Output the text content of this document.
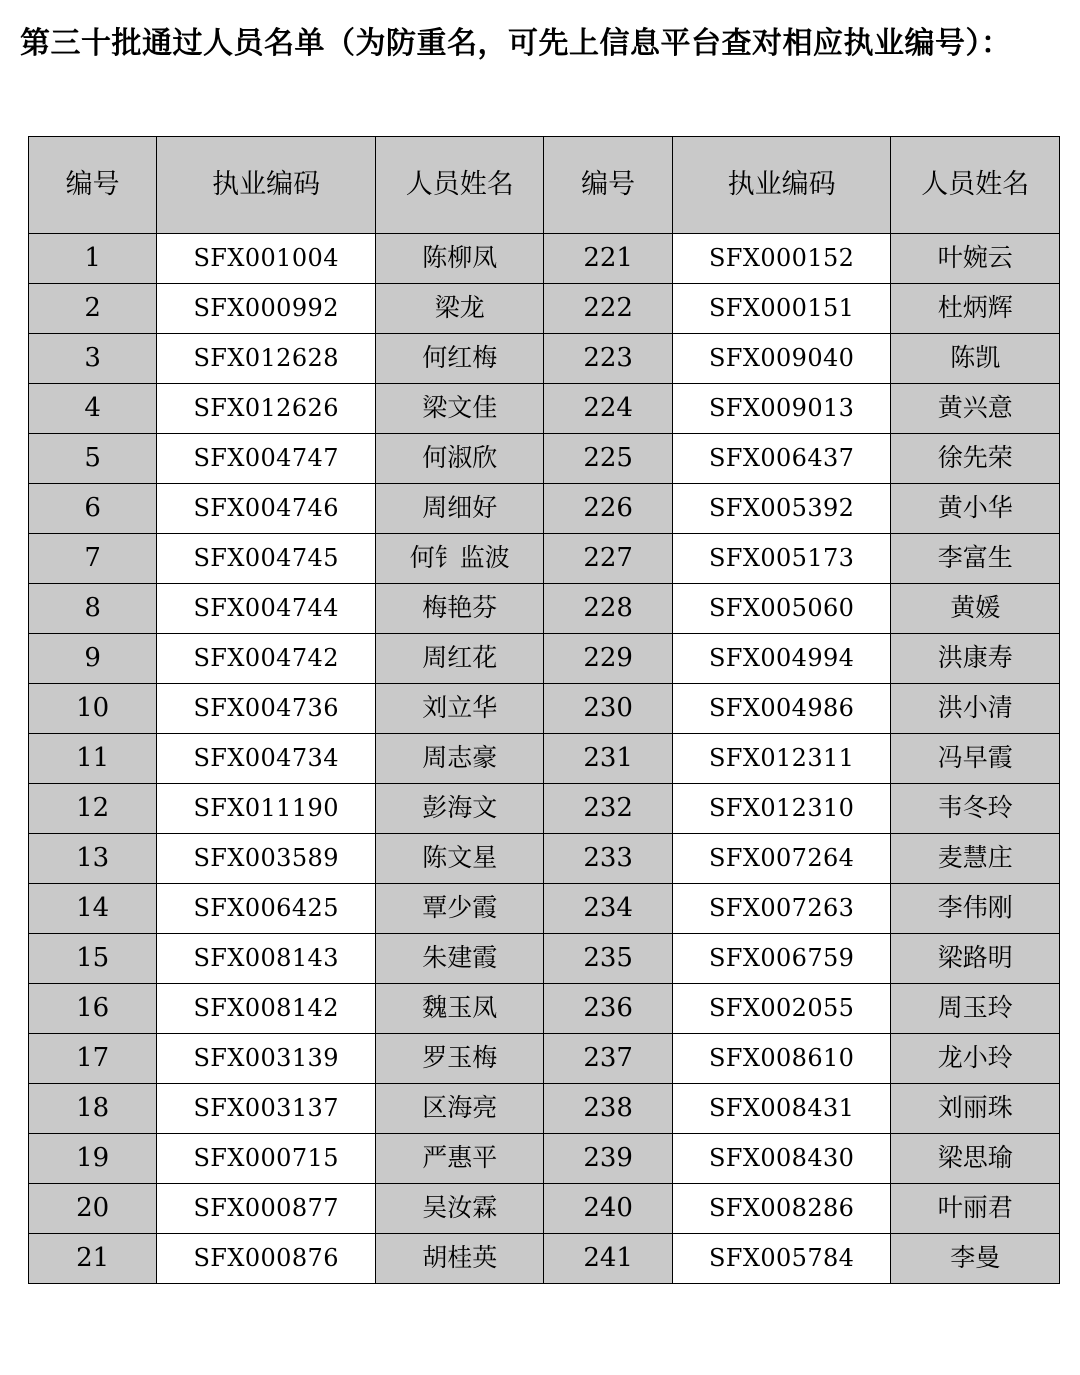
第三十批通过人员名单（为防重名，可先上信息平台查对相应执业编号）：
编号	执业编码	人员姓名	编号	执业编码	人员姓名
1	SFX001004	陈柳凤	221	SFX000152	叶婉云
2	SFX000992	梁龙	222	SFX000151	杜炳辉
3	SFX012628	何红梅	223	SFX009040	陈凯
4	SFX012626	梁文佳	224	SFX009013	黄兴意
5	SFX004747	何淑欣	225	SFX006437	徐先荣
6	SFX004746	周细好	226	SFX005392	黄小华
7	SFX004745	何钅监波	227	SFX005173	李富生
8	SFX004744	梅艳芬	228	SFX005060	黄媛
9	SFX004742	周红花	229	SFX004994	洪康寿
10	SFX004736	刘立华	230	SFX004986	洪小清
11	SFX004734	周志豪	231	SFX012311	冯早霞
12	SFX011190	彭海文	232	SFX012310	韦冬玲
13	SFX003589	陈文星	233	SFX007264	麦慧庄
14	SFX006425	覃少霞	234	SFX007263	李伟刚
15	SFX008143	朱建霞	235	SFX006759	梁路明
16	SFX008142	魏玉凤	236	SFX002055	周玉玲
17	SFX003139	罗玉梅	237	SFX008610	龙小玲
18	SFX003137	区海亮	238	SFX008431	刘丽珠
19	SFX000715	严惠平	239	SFX008430	梁思瑜
20	SFX000877	吴汝霖	240	SFX008286	叶丽君
21	SFX000876	胡桂英	241	SFX005784	李曼
